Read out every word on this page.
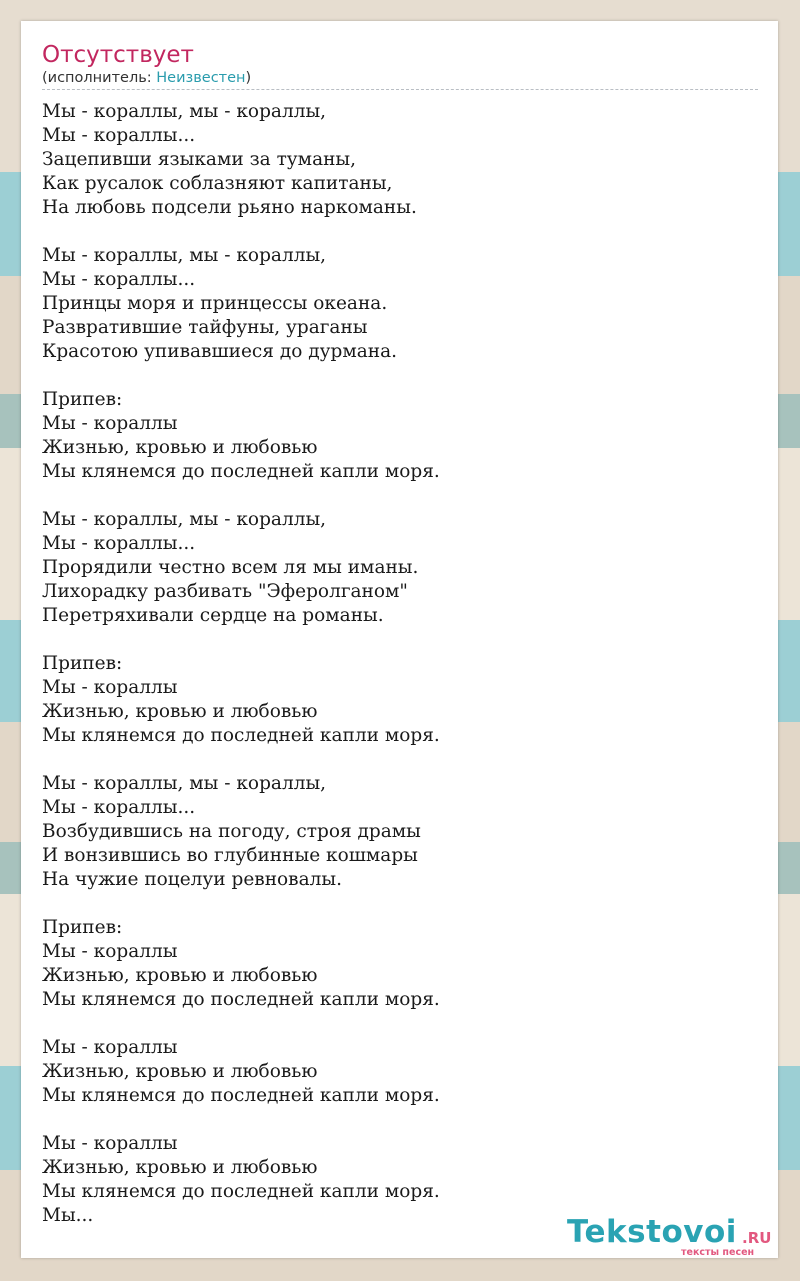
Отсутствует
(исполнитель: Неизвестен)
Мы - кораллы, мы - кораллы,
Мы - кораллы...
Зацепивши языками за туманы,
Как русалок соблазняют капитаны,
На любовь подсели рьяно наркоманы.

Мы - кораллы, мы - кораллы,
Мы - кораллы...
Принцы моря и принцессы океана.
Развратившие тайфуны, ураганы
Красотою упивавшиеся до дурмана.

Припев:
Мы - кораллы
Жизнью, кровью и любовью
Мы клянемся до последней капли моря.

Мы - кораллы, мы - кораллы,
Мы - кораллы...
Прорядили честно всем ля мы иманы.
Лихорадку разбивать "Эферолганом"
Перетряхивали сердце на романы.

Припев:
Мы - кораллы
Жизнью, кровью и любовью
Мы клянемся до последней капли моря.

Мы - кораллы, мы - кораллы,
Мы - кораллы...
Возбудившись на погоду, строя драмы
И вонзившись во глубинные кошмары
На чужие поцелуи ревновалы.

Припев:
Мы - кораллы
Жизнью, кровью и любовью
Мы клянемся до последней капли моря.

Мы - кораллы
Жизнью, кровью и любовью
Мы клянемся до последней капли моря.

Мы - кораллы
Жизнью, кровью и любовью
Мы клянемся до последней капли моря.
Мы...	Tekstovoi .RU
тексты песен
